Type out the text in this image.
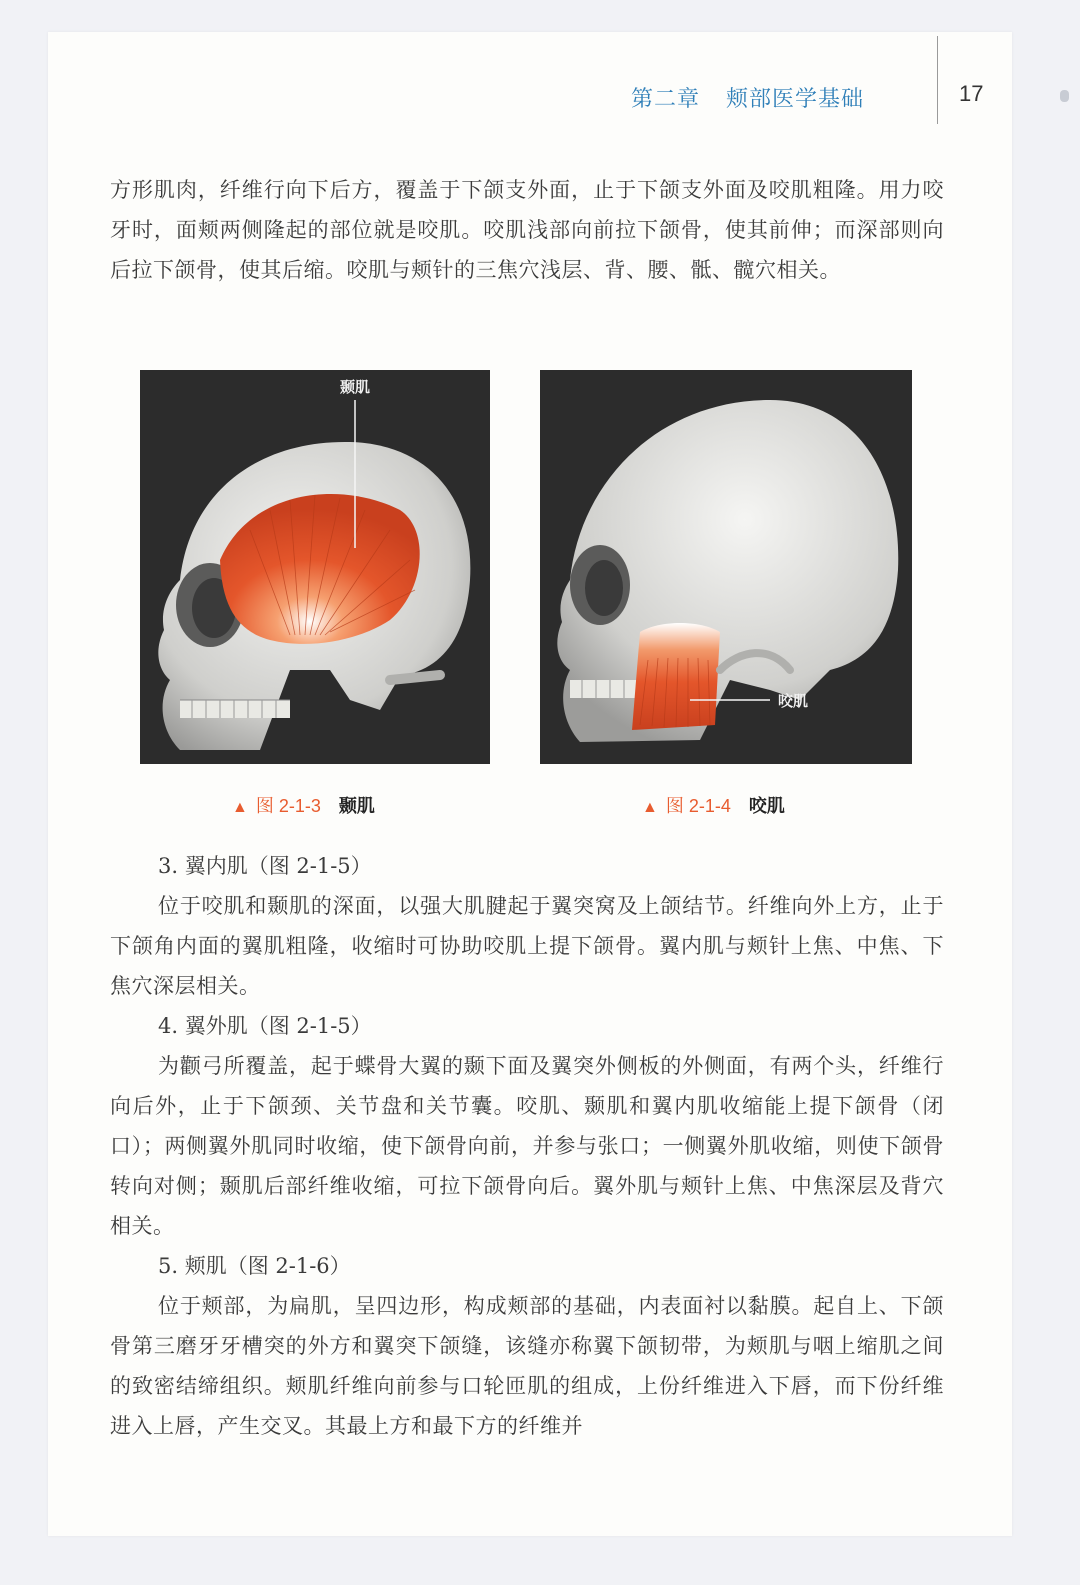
第二章 颊部医学基础	17

方形肌肉，纤维行向下后方，覆盖于下颌支外面，止于下颌支外面及咬肌粗隆。用力咬牙时，面颊两侧隆起的部位就是咬肌。咬肌浅部向前拉下颌骨，使其前伸；而深部则向后拉下颌骨，使其后缩。咬肌与颊针的三焦穴浅层、背、腰、骶、髋穴相关。

颞肌
咬肌
▲ 图 2-1-3 颞肌	▲ 图 2-1-4 咬肌

3. 翼内肌（图 2-1-5）

位于咬肌和颞肌的深面，以强大肌腱起于翼突窝及上颌结节。纤维向外上方，止于下颌角内面的翼肌粗隆，收缩时可协助咬肌上提下颌骨。翼内肌与颊针上焦、中焦、下焦穴深层相关。

4. 翼外肌（图 2-1-5）

为颧弓所覆盖，起于蝶骨大翼的颞下面及翼突外侧板的外侧面，有两个头，纤维行向后外，止于下颌颈、关节盘和关节囊。咬肌、颞肌和翼内肌收缩能上提下颌骨（闭口）；两侧翼外肌同时收缩，使下颌骨向前，并参与张口；一侧翼外肌收缩，则使下颌骨转向对侧；颞肌后部纤维收缩，可拉下颌骨向后。翼外肌与颊针上焦、中焦深层及背穴相关。

5. 颊肌（图 2-1-6）

位于颊部，为扁肌，呈四边形，构成颊部的基础，内表面衬以黏膜。起自上、下颌骨第三磨牙牙槽突的外方和翼突下颌缝，该缝亦称翼下颌韧带，为颊肌与咽上缩肌之间的致密结缔组织。颊肌纤维向前参与口轮匝肌的组成，上份纤维进入下唇，而下份纤维进入上唇，产生交叉。其最上方和最下方的纤维并
